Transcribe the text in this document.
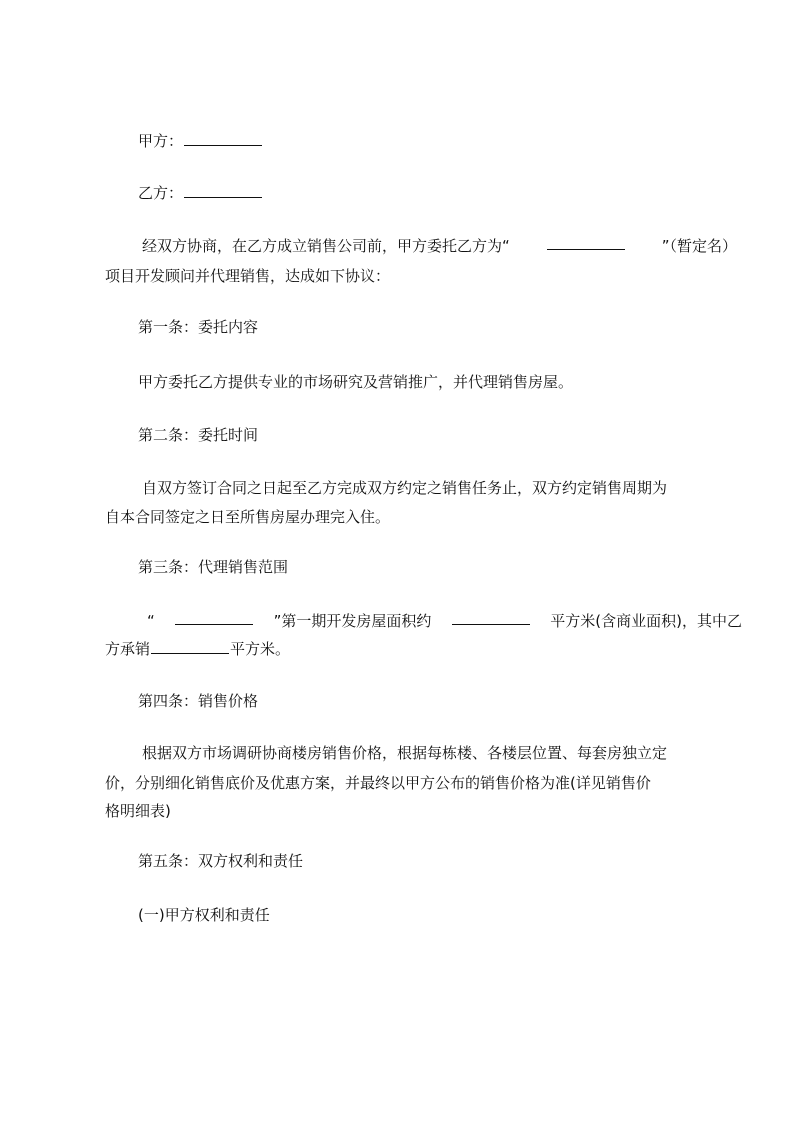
甲方：
乙方：
经双方协商，在乙方成立销售公司前，甲方委托乙方为“	”（暂定名）
项目开发顾问并代理销售，达成如下协议：
第一条：委托内容
甲方委托乙方提供专业的市场研究及营销推广，并代理销售房屋。
第二条：委托时间
自双方签订合同之日起至乙方完成双方约定之销售任务止，双方约定销售周期为
自本合同签定之日至所售房屋办理完入住。
第三条：代理销售范围
“	”第一期开发房屋面积约	平方米(含商业面积)，其中乙
方承销	平方米。
第四条：销售价格
根据双方市场调研协商楼房销售价格，根据每栋楼、各楼层位置、每套房独立定
价，分别细化销售底价及优惠方案，并最终以甲方公布的销售价格为准(详见销售价
格明细表)
第五条：双方权利和责任
(一)甲方权利和责任
